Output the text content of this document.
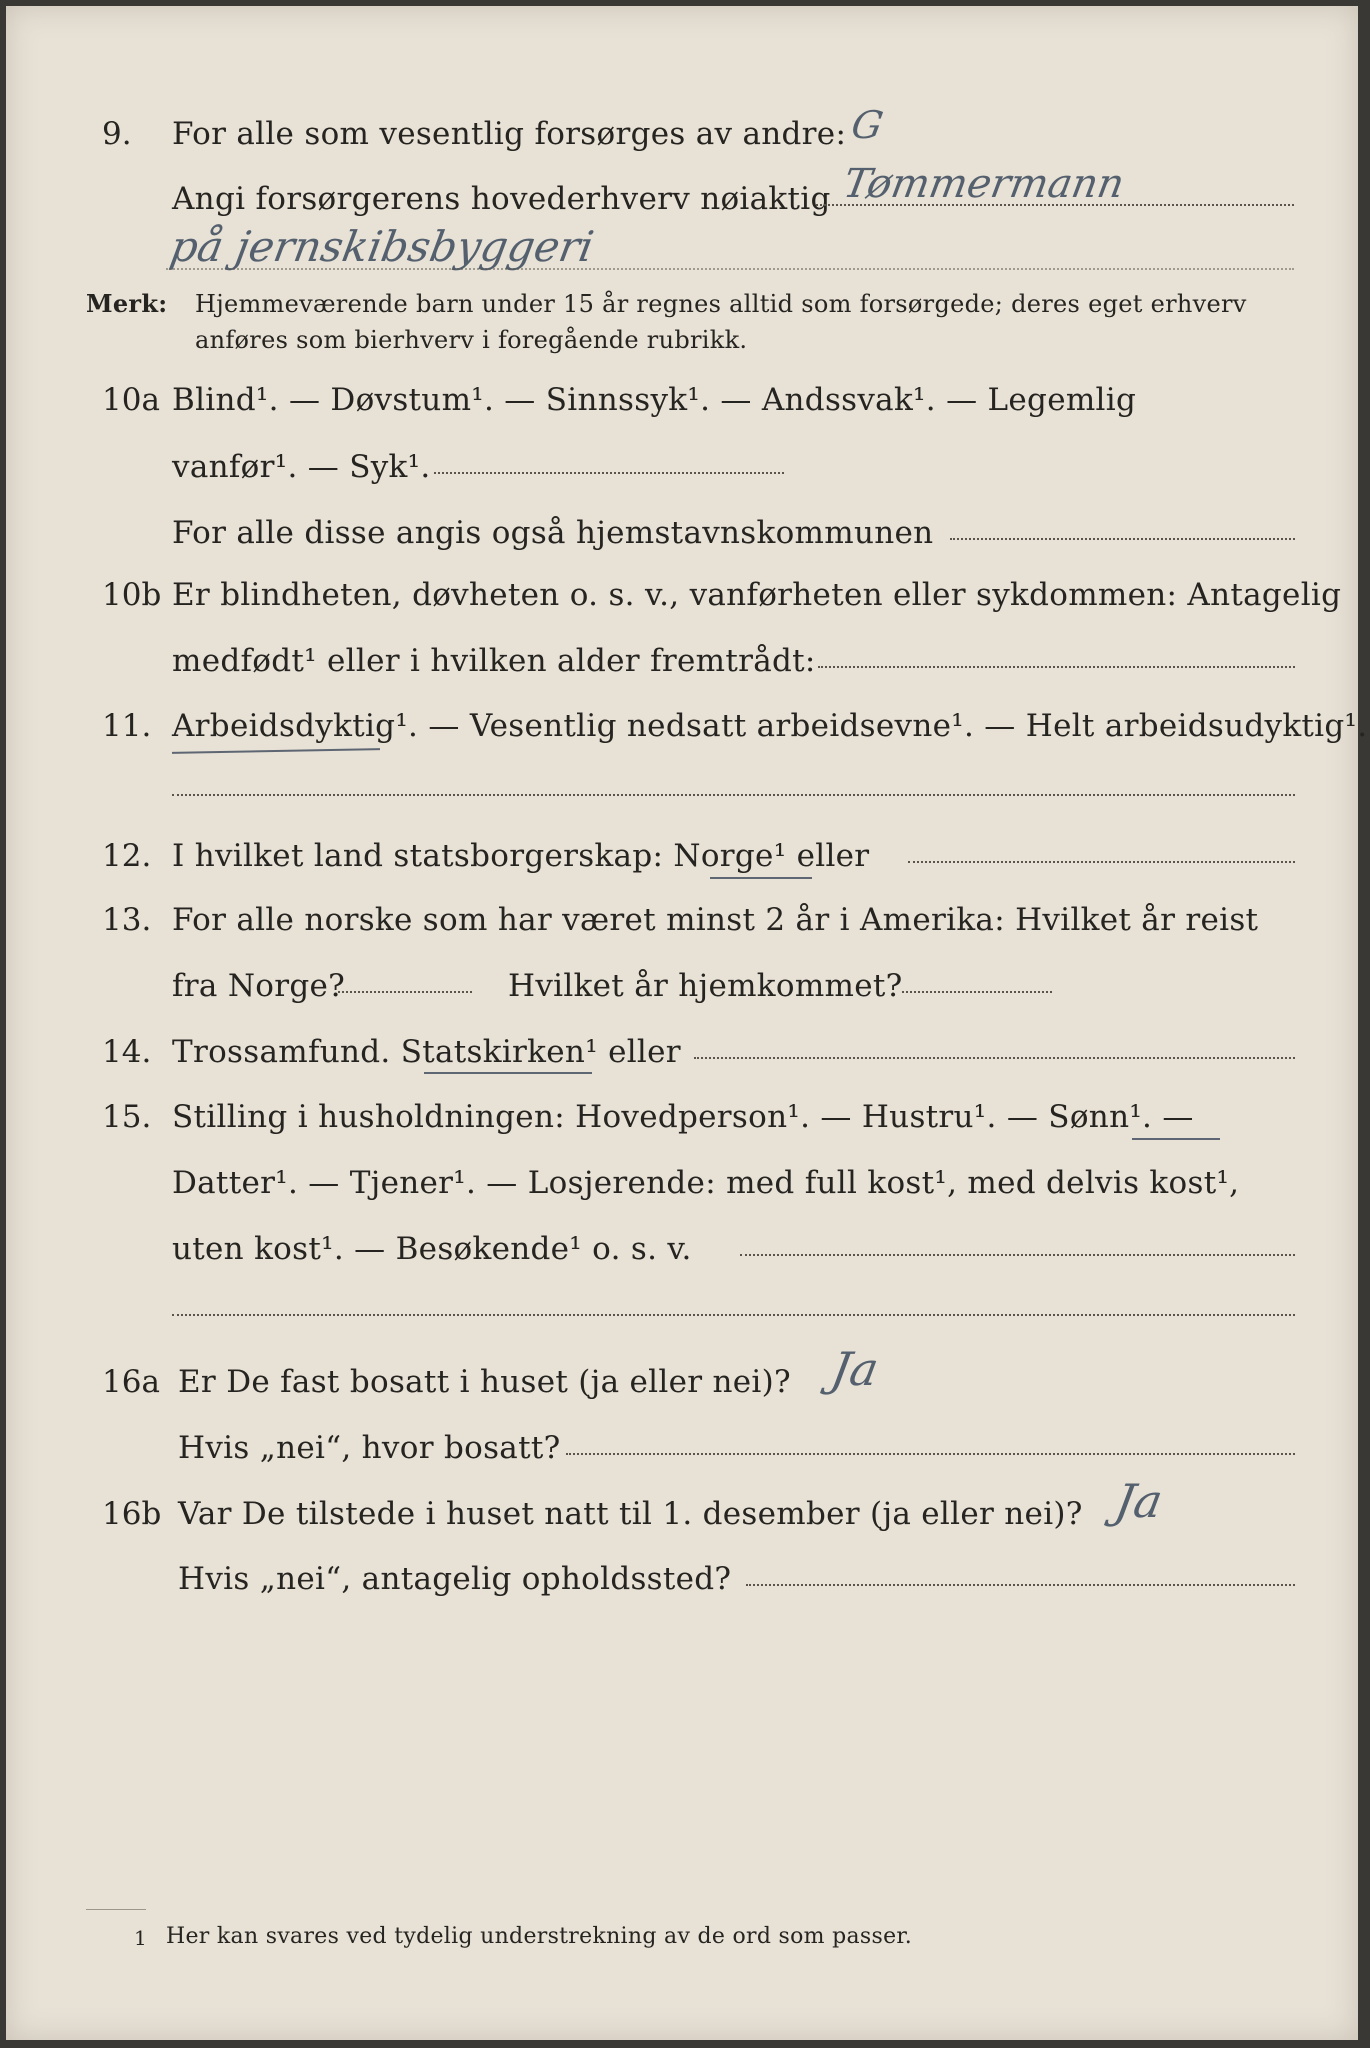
9. For alle som vesentlig forsørges av andre: G
Angi forsørgerens hovederhverv nøiaktig Tømmermann
på jernskibsbyggeri
Merk: Hjemmeværende barn under 15 år regnes alltid som forsørgede; deres eget erhverv
anføres som bierhverv i foregående rubrikk.
10a Blind¹. — Døvstum¹. — Sinnssyk¹. — Andssvak¹. — Legemlig
vanfør¹. — Syk¹.
For alle disse angis også hjemstavnskommunen
10b Er blindheten, døvheten o. s. v., vanførheten eller sykdommen: Antagelig
medfødt¹ eller i hvilken alder fremtrådt:
11. Arbeidsdyktig¹. — Vesentlig nedsatt arbeidsevne¹. — Helt arbeidsudyktig¹.
12. I hvilket land statsborgerskap: Norge¹ eller
13. For alle norske som har været minst 2 år i Amerika: Hvilket år reist
fra Norge?	Hvilket år hjemkommet?
14. Trossamfund. Statskirken¹ eller
15. Stilling i husholdningen: Hovedperson¹. — Hustru¹. — Sønn¹. —
Datter¹. — Tjener¹. — Losjerende: med full kost¹, med delvis kost¹,
uten kost¹. — Besøkende¹ o. s. v.
16a Er De fast bosatt i huset (ja eller nei)? Ja
Hvis „nei“, hvor bosatt?
16b Var De tilstede i huset natt til 1. desember (ja eller nei)? Ja
Hvis „nei“, antagelig opholdssted?
1 Her kan svares ved tydelig understrekning av de ord som passer.
